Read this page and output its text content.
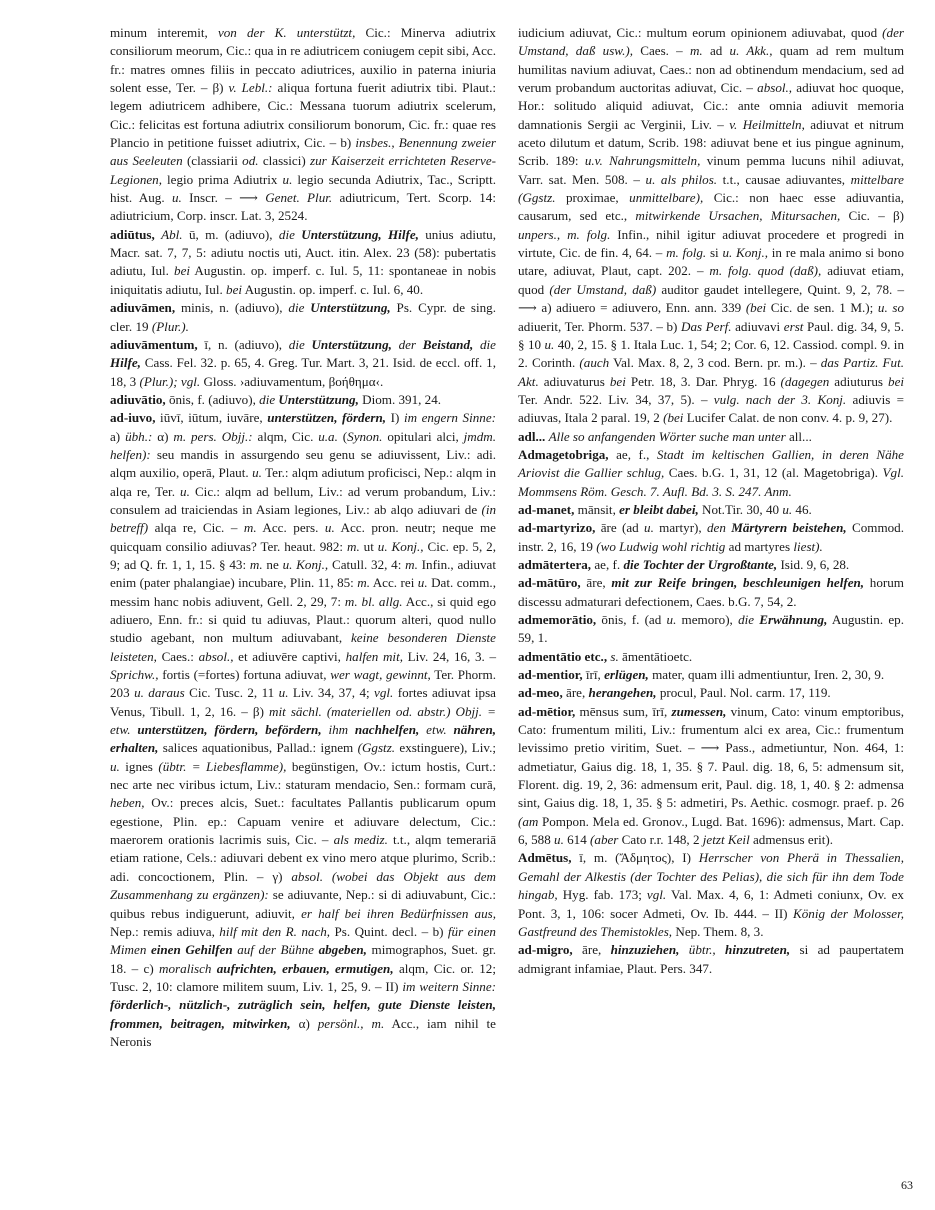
minum interemit, von der K. unterstützt, Cic.: Minerva adiutrix consiliorum meorum, Cic.: qua in re adiutricem coniugem cepit sibi, Acc. fr.: matres omnes filiis in peccato adiutrices, auxilio in paterna iniuria solent esse, Ter. – β) v. Lebl.: aliqua fortuna fuerit adiutrix tibi. Plaut.: legem adiutricem adhibere, Cic.: Messana tuorum adiutrix scelerum, Cic.: felicitas est fortuna adiutrix consiliorum bonorum, Cic. fr.: quae res Plancio in petitione fuisset adiutrix, Cic. – b) insbes., Benennung zweier aus Seeleuten (classiarii od. classici) zur Kaiserzeit errichteten Reserve-Legionen, legio prima Adiutrix u. legio secunda Adiutrix, Tac., Scriptt. hist. Aug. u. Inscr. – ⟶ Genet. Plur. adiutricum, Tert. Scorp. 14: adiutricium, Corp. inscr. Lat. 3, 2524.

adiūtus, Abl. ū, m. (adiuvo), die Unterstützung, Hilfe, unius adiutu, Macr. sat. 7, 7, 5: adiutu noctis uti, Auct. itin. Alex. 23 (58): pubertatis adiutu, Iul. bei Augustin. op. imperf. c. Iul. 5, 11: spontaneae in nobis iniquitatis adiutu, Iul. bei Augustin. op. imperf. c. Iul. 6, 40.

adiuvāmen, minis, n. (adiuvo), die Unterstützung, Ps. Cypr. de sing. cler. 19 (Plur.).

adiuvāmentum, ī, n. (adiuvo), die Unterstützung, der Beistand, die Hilfe, Cass. Fel. 32. p. 65, 4. Greg. Tur. Mart. 3, 21. Isid. de eccl. off. 1, 18, 3 (Plur.); vgl. Gloss. ›adiuvamentum, βοήθημα‹.

adiuvātio, ōnis, f. (adiuvo), die Unterstützung, Diom. 391, 24.

ad-iuvo, iūvī, iūtum, iuvāre, unterstützen, fördern, I) im engern Sinne: a) übh.: α) m. pers. Objj.: alqm, Cic. u.a. (Synon. opitulari alci, jmdm. helfen): seu mandis in assurgendo seu genu se adiuvissent, Liv.: adi. alqm auxilio, operā, Plaut. u. Ter.: alqm adiutum proficisci, Nep.: alqm in alqa re, Ter. u. Cic.: alqm ad bellum, Liv.: ad verum probandum, Liv.: consulem ad traiciendas in Asiam legiones, Liv.: ab alqo adiuvari de (in betreff) alqa re, Cic. – m. Acc. pers. u. Acc. pron. neutr; neque me quicquam consilio adiuvas? Ter. heaut. 982: m. ut u. Konj., Cic. ep. 5, 2, 9; ad Q. fr. 1, 1, 15. § 43: m. ne u. Konj., Catull. 32, 4: m. Infin., adiuvat enim (pater phalangiae) incubare, Plin. 11, 85: m. Acc. rei u. Dat. comm., messim hanc nobis adiuvent, Gell. 2, 29, 7: m. bl. allg. Acc., si quid ego adiuero, Enn. fr.: si quid tu adiuvas, Plaut.: quorum alteri, quod nullo studio agebant, non multum adiuvabant, keine besonderen Dienste leisteten, Caes.: absol., et adiuvēre captivi, halfen mit, Liv. 24, 16, 3. – Sprichw., fortis (=fortes) fortuna adiuvat, wer wagt, gewinnt, Ter. Phorm. 203 u. daraus Cic. Tusc. 2, 11 u. Liv. 34, 37, 4; vgl. fortes adiuvat ipsa Venus, Tibull. 1, 2, 16. – β) mit sächl. (materiellen od. abstr.) Objj. = etw. unterstützen, fördern, befördern, ihm nachhelfen, etw. nähren, erhalten, salices aquationibus, Pallad.: ignem (Ggstz. exstinguere), Liv.; u. ignes (übtr. = Liebesflamme), begünstigen, Ov.: ictum hostis, Curt.: nec arte nec viribus ictum, Liv.: staturam mendacio, Sen.: formam curā, heben, Ov.: preces alcis, Suet.: facultates Pallantis publicarum opum egestione, Plin. ep.: Capuam venire et adiuvare delectum, Cic.: maerorem orationis lacrimis suis, Cic. – als mediz. t.t., alqm temerariā etiam ratione, Cels.: adiuvari debent ex vino mero atque plurimo, Scrib.: adi. concoctionem, Plin. – γ) absol. (wobei das Objekt aus dem Zusammenhang zu ergänzen): se adiuvante, Nep.: si di adiuvabunt, Cic.: quibus rebus indiguerunt, adiuvit, er half bei ihren Bedürfnissen aus, Nep.: remis adiuva, hilf mit den R. nach, Ps. Quint. decl. – b) für einen Mimen einen Gehilfen auf der Bühne abgeben, mimographos, Suet. gr. 18. – c) moralisch aufrichten, erbauen, ermutigen, alqm, Cic. or. 12; Tusc. 2, 10: clamore militem suum, Liv. 1, 25, 9. – II) im weitern Sinne: förderlich-, nützlich-, zuträglich sein, helfen, gute Dienste leisten, frommen, beitragen, mitwirken, α) persönl., m. Acc., iam nihil te Neronis

iudicium adiuvat, Cic.: multum eorum opinionem adiuvabat, quod (der Umstand, daß usw.), Caes. – m. ad u. Akk., quam ad rem multum humilitas navium adiuvat, Caes.: non ad obtinendum mendacium, sed ad verum probandum auctoritas adiuvat, Cic. – absol., adiuvat hoc quoque, Hor.: solitudo aliquid adiuvat, Cic.: ante omnia adiuvit memoria damnationis Sergii ac Verginii, Liv. – v. Heilmitteln, adiuvat et nitrum aceto dilutum et datum, Scrib. 198: adiuvat bene et ius pingue agninum, Scrib. 189: u.v. Nahrungsmitteln, vinum pemma lucuns nihil adiuvat, Varr. sat. Men. 508. – u. als philos. t.t., causae adiuvantes, mittelbare (Ggstz. proximae, unmittelbare), Cic.: non haec esse adiuvantia, causarum, sed etc., mitwirkende Ursachen, Mitursachen, Cic. – β) unpers., m. folg. Infin., nihil igitur adiuvat procedere et progredi in virtute, Cic. de fin. 4, 64. – m. folg. si u. Konj., in re mala animo si bono utare, adiuvat, Plaut, capt. 202. – m. folg. quod (daß), adiuvat etiam, quod (der Umstand, daß) auditor gaudet intellegere, Quint. 9, 2, 78. – ⟶ a) adiuero = adiuvero, Enn. ann. 339 (bei Cic. de sen. 1 M.); u. so adiuerit, Ter. Phorm. 537. – b) Das Perf. adiuvavi erst Paul. dig. 34, 9, 5. § 10 u. 40, 2, 15. § 1. Itala Luc. 1, 54; 2; Cor. 6, 12. Cassiod. compl. 9. in 2. Corinth. (auch Val. Max. 8, 2, 3 cod. Bern. pr. m.). – das Partiz. Fut. Akt. adiuvaturus bei Petr. 18, 3. Dar. Phryg. 16 (dagegen adiuturus bei Ter. Andr. 522. Liv. 34, 37, 5). – vulg. nach der 3. Konj. adiuvis = adiuvas, Itala 2 paral. 19, 2 (bei Lucifer Calat. de non conv. 4. p. 9, 27).

adl... Alle so anfangenden Wörter suche man unter all...

Admagetobriga, ae, f., Stadt im keltischen Gallien, in deren Nähe Ariovist die Gallier schlug, Caes. b.G. 1, 31, 12 (al. Magetobriga). Vgl. Mommsens Röm. Gesch. 7. Aufl. Bd. 3. S. 247. Anm.

ad-manet, mānsit, er bleibt dabei, Not.Tir. 30, 40 u. 46.

ad-martyrizo, āre (ad u. martyr), den Märtyrern beistehen, Commod. instr. 2, 16, 19 (wo Ludwig wohl richtig ad martyres liest).

admātertera, ae, f. die Tochter der Urgroßtante, Isid. 9, 6, 28.

ad-mātūro, āre, mit zur Reife bringen, beschleunigen helfen, horum discessu admaturari defectionem, Caes. b.G. 7, 54, 2.

admemorātio, ōnis, f. (ad u. memoro), die Erwähnung, Augustin. ep. 59, 1.

admentātio etc., s. āmentātioetc.

ad-mentior, īrī, erlügen, mater, quam illi admentiuntur, Iren. 2, 30, 9.

ad-meo, āre, herangehen, procul, Paul. Nol. carm. 17, 119.

ad-mētior, mēnsus sum, īrī, zumessen, vinum, Cato: vinum emptoribus, Cato: frumentum militi, Liv.: frumentum alci ex area, Cic.: frumentum levissimo pretio viritim, Suet. – ⟶ Pass., admetiuntur, Non. 464, 1: admetiatur, Gaius dig. 18, 1, 35. § 7. Paul. dig. 18, 6, 5: admensum sit, Florent. dig. 19, 2, 36: admensum erit, Paul. dig. 18, 1, 40. § 2: admensa sint, Gaius dig. 18, 1, 35. § 5: admetiri, Ps. Aethic. cosmogr. praef. p. 26 (am Pompon. Mela ed. Gronov., Lugd. Bat. 1696): admensus, Mart. Cap. 6, 588 u. 614 (aber Cato r.r. 148, 2 jetzt Keil admensus erit).

Admētus, ī, m. (Ἄδμητος), I) Herrscher von Pherä in Thessalien, Gemahl der Alkestis (der Tochter des Pelias), die sich für ihn dem Tode hingab, Hyg. fab. 173; vgl. Val. Max. 4, 6, 1: Admeti coniunx, Ov. ex Pont. 3, 1, 106: socer Admeti, Ov. Ib. 444. – II) König der Molosser, Gastfreund des Themistokles, Nep. Them. 8, 3.

ad-migro, āre, hinzuziehen, übtr., hinzutreten, si ad paupertatem admigrant infamiae, Plaut. Pers. 347.

63
